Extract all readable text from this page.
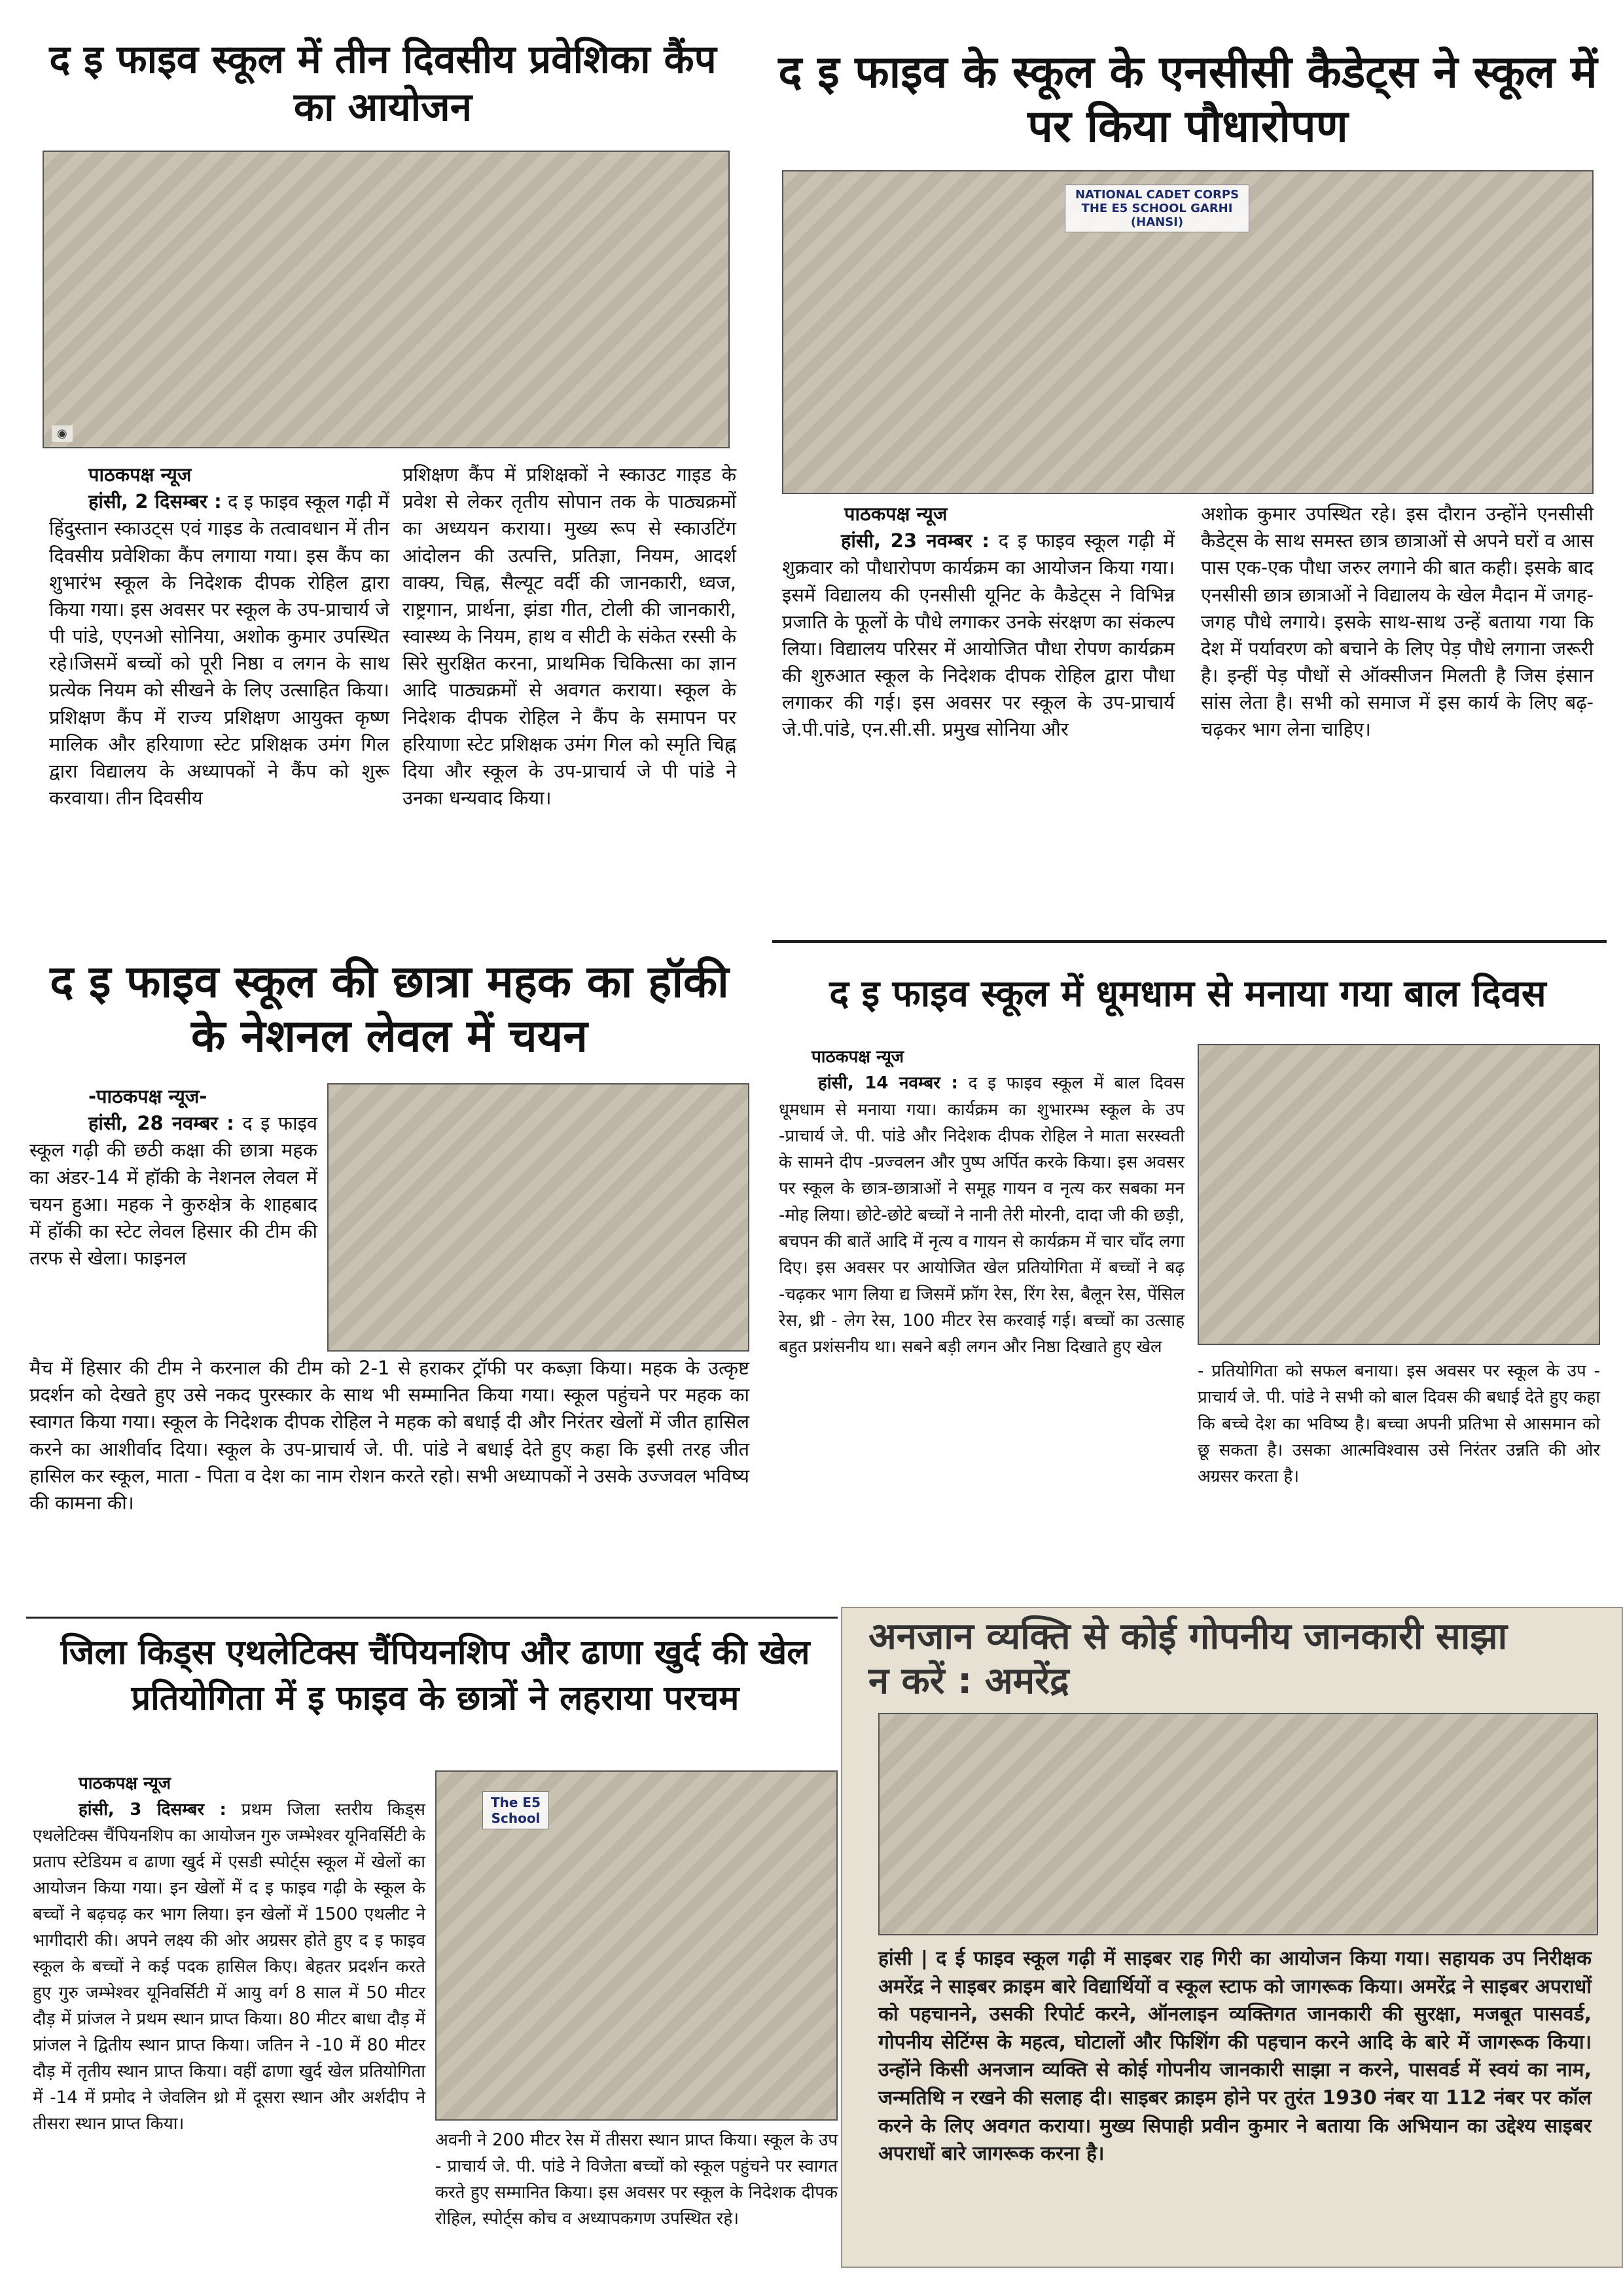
द इ फाइव स्कूल में तीन दिवसीय प्रवेशिका कैंप का आयोजन
◉

पाठकपक्ष न्यूज
हांसी, 2 दिसम्बर : द इ फाइव स्कूल गढ़ी में हिंदुस्तान स्काउट्स एवं गाइड के तत्वावधान में तीन दिवसीय प्रवेशिका कैंप लगाया गया। इस कैंप का शुभारंभ स्कूल के निदेशक दीपक रोहिल द्वारा किया गया। इस अवसर पर स्कूल के उप-प्राचार्य जे पी पांडे, एएनओ सोनिया, अशोक कुमार उपस्थित रहे।जिसमें बच्चों को पूरी निष्ठा व लगन के साथ प्रत्येक नियम को सीखने के लिए उत्साहित किया। प्रशिक्षण कैंप में राज्य प्रशिक्षण आयुक्त कृष्ण मालिक और हरियाणा स्टेट प्रशिक्षक उमंग गिल द्वारा विद्यालय के अध्यापकों ने कैंप को शुरू करवाया। तीन दिवसीय

प्रशिक्षण कैंप में प्रशिक्षकों ने स्काउट गाइड के प्रवेश से लेकर तृतीय सोपान तक के पाठ्यक्रमों का अध्ययन कराया। मुख्य रूप से स्काउटिंग आंदोलन की उत्पत्ति, प्रतिज्ञा, नियम, आदर्श वाक्य, चिह्न, सैल्यूट वर्दी की जानकारी, ध्वज, राष्ट्रगान, प्रार्थना, झंडा गीत, टोली की जानकारी, स्वास्थ्य के नियम, हाथ व सीटी के संकेत रस्सी के सिरे सुरक्षित करना, प्राथमिक चिकित्सा का ज्ञान आदि पाठ्यक्रमों से अवगत कराया। स्कूल के निदेशक दीपक रोहिल ने कैंप के समापन पर हरियाणा स्टेट प्रशिक्षक उमंग गिल को स्मृति चिह्न दिया और स्कूल के उप-प्राचार्य जे पी पांडे ने उनका धन्यवाद किया।

द इ फाइव के स्कूल के एनसीसी कैडेट्स ने स्कूल में पर किया पौधारोपण
NATIONAL CADET CORPS THE E5 SCHOOL GARHI (HANSI)

पाठकपक्ष न्यूज
हांसी, 23 नवम्बर : द इ फाइव स्कूल गढ़ी में शुक्रवार को पौधारोपण कार्यक्रम का आयोजन किया गया। इसमें विद्यालय की एनसीसी यूनिट के कैडेट्स ने विभिन्न प्रजाति के फूलों के पौधे लगाकर उनके संरक्षण का संकल्प लिया। विद्यालय परिसर में आयोजित पौधा रोपण कार्यक्रम की शुरुआत स्कूल के निदेशक दीपक रोहिल द्वारा पौधा लगाकर की गई। इस अवसर पर स्कूल के उप-प्राचार्य जे.पी.पांडे, एन.सी.सी. प्रमुख सोनिया और

अशोक कुमार उपस्थित रहे। इस दौरान उन्होंने एनसीसी कैडेट्स के साथ समस्त छात्र छात्राओं से अपने घरों व आस पास एक-एक पौधा जरुर लगाने की बात कही। इसके बाद एनसीसी छात्र छात्राओं ने विद्यालय के खेल मैदान में जगह-जगह पौधे लगाये। इसके साथ-साथ उन्हें बताया गया कि देश में पर्यावरण को बचाने के लिए पेड़ पौधे लगाना जरूरी है। इन्हीं पेड़ पौधों से ऑक्सीजन मिलती है जिस इंसान सांस लेता है। सभी को समाज में इस कार्य के लिए बढ़-चढ़कर भाग लेना चाहिए।

द इ फाइव स्कूल की छात्रा महक का हॉकी के नेशनल लेवल में चयन

-पाठकपक्ष न्यूज-
हांसी, 28 नवम्बर : द इ फाइव स्कूल गढ़ी की छठी कक्षा की छात्रा महक का अंडर-14 में हॉकी के नेशनल लेवल में चयन हुआ। महक ने कुरुक्षेत्र के शाहबाद में हॉकी का स्टेट लेवल हिसार की टीम की तरफ से खेला। फाइनल

मैच में हिसार की टीम ने करनाल की टीम को 2-1 से हराकर ट्रॉफी पर कब्ज़ा किया। महक के उत्कृष्ट प्रदर्शन को देखते हुए उसे नकद पुरस्कार के साथ भी सम्मानित किया गया। स्कूल पहुंचने पर महक का स्वागत किया गया। स्कूल के निदेशक दीपक रोहिल ने महक को बधाई दी और निरंतर खेलों में जीत हासिल करने का आशीर्वाद दिया। स्कूल के उप-प्राचार्य जे. पी. पांडे ने बधाई देते हुए कहा कि इसी तरह जीत हासिल कर स्कूल, माता - पिता व देश का नाम रोशन करते रहो। सभी अध्यापकों ने उसके उज्जवल भविष्य की कामना की।

द इ फाइव स्कूल में धूमधाम से मनाया गया बाल दिवस

पाठकपक्ष न्यूज
हांसी, 14 नवम्बर : द इ फाइव स्कूल में बाल दिवस धूमधाम से मनाया गया। कार्यक्रम का शुभारम्भ स्कूल के उप -प्राचार्य जे. पी. पांडे और निदेशक दीपक रोहिल ने माता सरस्वती के सामने दीप -प्रज्वलन और पुष्प अर्पित करके किया। इस अवसर पर स्कूल के छात्र-छात्राओं ने समूह गायन व नृत्य कर सबका मन -मोह लिया। छोटे-छोटे बच्चों ने नानी तेरी मोरनी, दादा जी की छड़ी, बचपन की बातें आदि में नृत्य व गायन से कार्यक्रम में चार चाँद लगा दिए। इस अवसर पर आयोजित खेल प्रतियोगिता में बच्चों ने बढ़ -चढ़कर भाग लिया द्य जिसमें फ्रॉग रेस, रिंग रेस, बैलून रेस, पेंसिल रेस, थ्री - लेग रेस, 100 मीटर रेस करवाई गई। बच्चों का उत्साह बहुत प्रशंसनीय था। सबने बड़ी लगन और निष्ठा दिखाते हुए खेल

- प्रतियोगिता को सफल बनाया। इस अवसर पर स्कूल के उप - प्राचार्य जे. पी. पांडे ने सभी को बाल दिवस की बधाई देते हुए कहा कि बच्चे देश का भविष्य है। बच्चा अपनी प्रतिभा से आसमान को छू सकता है। उसका आत्मविश्वास उसे निरंतर उन्नति की ओर अग्रसर करता है।

जिला किड्स एथलेटिक्स चैंपियनशिप और ढाणा खुर्द की खेल प्रतियोगिता में इ फाइव के छात्रों ने लहराया परचम
The E5 School

पाठकपक्ष न्यूज
हांसी, 3 दिसम्बर : प्रथम जिला स्तरीय किड्स एथलेटिक्स चैंपियनशिप का आयोजन गुरु जम्भेश्वर यूनिवर्सिटी के प्रताप स्टेडियम व ढाणा खुर्द में एसडी स्पोर्ट्स स्कूल में खेलों का आयोजन किया गया। इन खेलों में द इ फाइव गढ़ी के स्कूल के बच्चों ने बढ़चढ़ कर भाग लिया। इन खेलों में 1500 एथलीट ने भागीदारी की। अपने लक्ष्य की ओर अग्रसर होते हुए द इ फाइव स्कूल के बच्चों ने कई पदक हासिल किए। बेहतर प्रदर्शन करते हुए गुरु जम्भेश्वर यूनिवर्सिटी में आयु वर्ग 8 साल में 50 मीटर दौड़ में प्रांजल ने प्रथम स्थान प्राप्त किया। 80 मीटर बाधा दौड़ में प्रांजल ने द्वितीय स्थान प्राप्त किया। जतिन ने -10 में 80 मीटर दौड़ में तृतीय स्थान प्राप्त किया। वहीं ढाणा खुर्द खेल प्रतियोगिता में -14 में प्रमोद ने जेवलिन थ्रो में दूसरा स्थान और अर्शदीप ने तीसरा स्थान प्राप्त किया।

अवनी ने 200 मीटर रेस में तीसरा स्थान प्राप्त किया। स्कूल के उप - प्राचार्य जे. पी. पांडे ने विजेता बच्चों को स्कूल पहुंचने पर स्वागत करते हुए सम्मानित किया। इस अवसर पर स्कूल के निदेशक दीपक रोहिल, स्पोर्ट्स कोच व अध्यापकगण उपस्थित रहे।

अनजान व्यक्ति से कोई गोपनीय जानकारी साझा न करें : अमरेंद्र

हांसी | द ई फाइव स्कूल गढ़ी में साइबर राह गिरी का आयोजन किया गया। सहायक उप निरीक्षक अमरेंद्र ने साइबर क्राइम बारे विद्यार्थियों व स्कूल स्टाफ को जागरूक किया। अमरेंद्र ने साइबर अपराधों को पहचानने, उसकी रिपोर्ट करने, ऑनलाइन व्यक्तिगत जानकारी की सुरक्षा, मजबूत पासवर्ड, गोपनीय सेटिंग्स के महत्व, घोटालों और फिशिंग की पहचान करने आदि के बारे में जागरूक किया। उन्होंने किसी अनजान व्यक्ति से कोई गोपनीय जानकारी साझा न करने, पासवर्ड में स्वयं का नाम, जन्मतिथि न रखने की सलाह दी। साइबर क्राइम होने पर तुरंत 1930 नंबर या 112 नंबर पर कॉल करने के लिए अवगत कराया। मुख्य सिपाही प्रवीन कुमार ने बताया कि अभियान का उद्देश्य साइबर अपराधों बारे जागरूक करना है।
